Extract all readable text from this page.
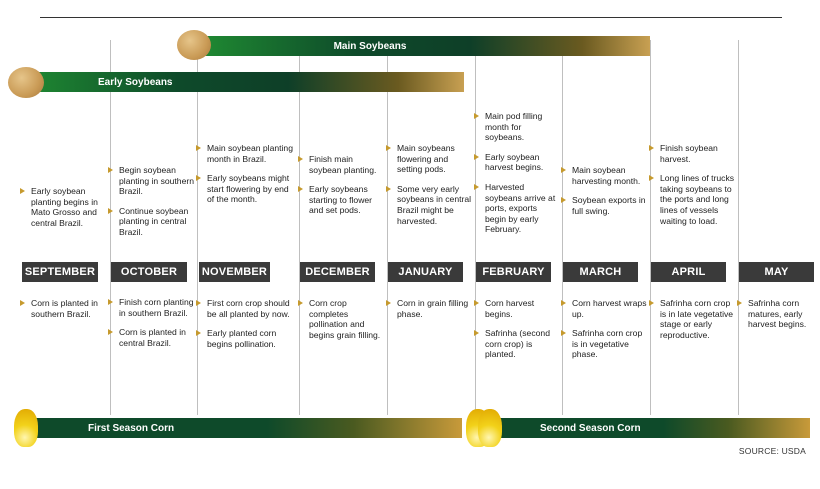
Main Soybeans
Early Soybeans
Early soybean planting begins in Mato Grosso and central Brazil.
Begin soybean planting in southern Brazil.
Continue soybean planting in central Brazil.
Main soybean planting month in Brazil.
Early soybeans might start flowering by end of the month.
Finish main soybean planting.
Early soybeans starting to flower and set pods.
Main soybeans flowering and setting pods.
Some very early soybeans in central Brazil might be harvested.
Main pod filling month for soybeans.
Early soybean harvest begins.
Harvested soybeans arrive at ports, exports begin by early February.
Main soybean harvesting month.
Soybean exports in full swing.
Finish soybean harvest.
Long lines of trucks taking soybeans to the ports and long lines of vessels waiting to load.
SEPTEMBER	OCTOBER	NOVEMBER	DECEMBER	JANUARY	FEBRUARY	MARCH	APRIL	MAY
Corn is planted in southern Brazil.
Finish corn planting in southern Brazil.
Corn is planted in central Brazil.
First corn crop should be all planted by now.
Early planted corn begins pollination.
Corn crop completes pollination and begins grain filling.
Corn in grain filling phase.
Corn harvest begins.
Safrinha (second corn crop) is planted.
Corn harvest wraps up.
Safrinha corn crop is in vegetative phase.
Safrinha corn crop is in late vegetative stage or early reproductive.
Safrinha corn matures, early harvest begins.
First Season Corn	Second Season Corn
SOURCE: USDA
